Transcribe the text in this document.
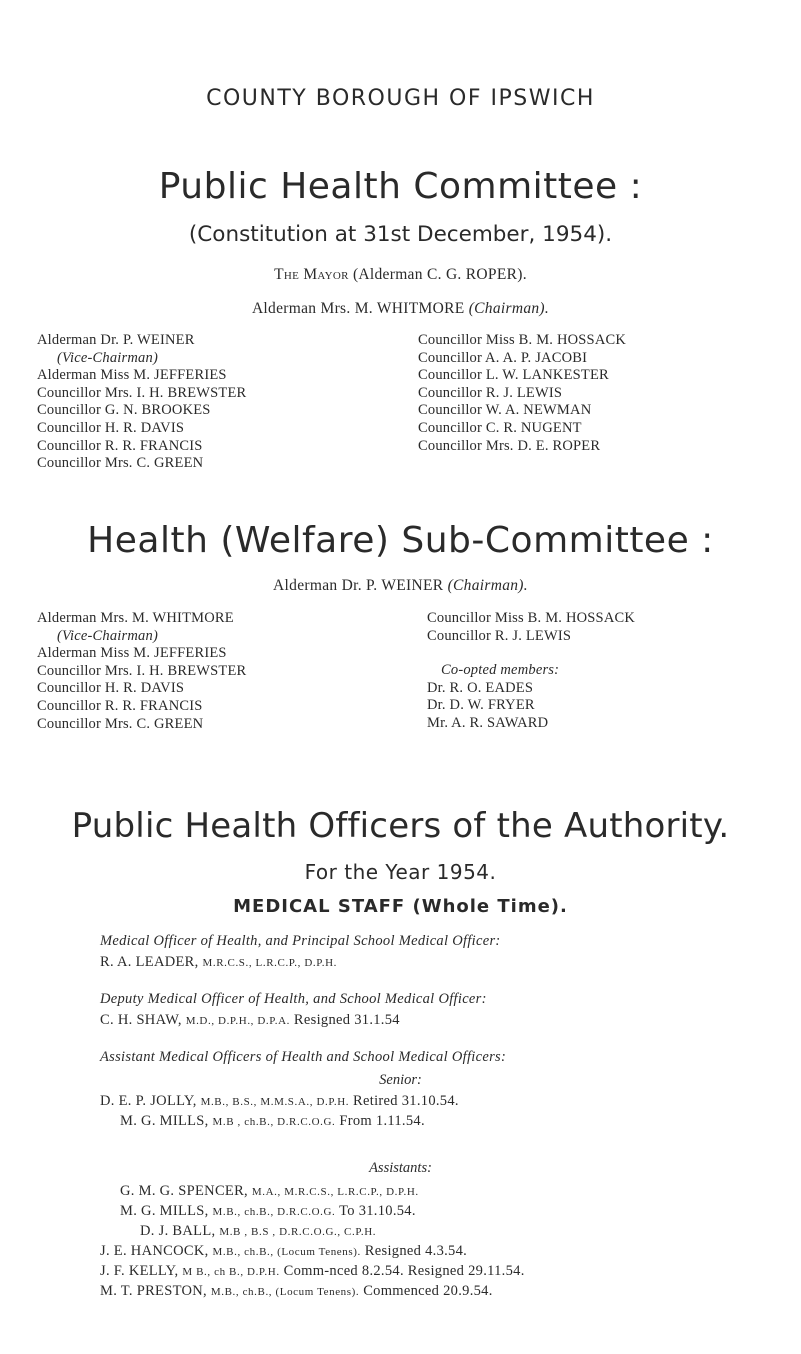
COUNTY BOROUGH OF IPSWICH
Public Health Committee :
(Constitution at 31st December, 1954).
The Mayor (Alderman C. G. ROPER).
Alderman Mrs. M. WHITMORE (Chairman).
Alderman Dr. P. WEINER
(Vice-Chairman)
Alderman Miss M. JEFFERIES
Councillor Mrs. I. H. BREWSTER
Councillor G. N. BROOKES
Councillor H. R. DAVIS
Councillor R. R. FRANCIS
Councillor Mrs. C. GREEN
Councillor Miss B. M. HOSSACK
Councillor A. A. P. JACOBI
Councillor L. W. LANKESTER
Councillor R. J. LEWIS
Councillor W. A. NEWMAN
Councillor C. R. NUGENT
Councillor Mrs. D. E. ROPER
Health (Welfare) Sub-Committee :
Alderman Dr. P. WEINER (Chairman).
Alderman Mrs. M. WHITMORE
(Vice-Chairman)
Alderman Miss M. JEFFERIES
Councillor Mrs. I. H. BREWSTER
Councillor H. R. DAVIS
Councillor R. R. FRANCIS
Councillor Mrs. C. GREEN
Councillor Miss B. M. HOSSACK
Councillor R. J. LEWIS
Co-opted members:
Dr. R. O. EADES
Dr. D. W. FRYER
Mr. A. R. SAWARD
Public Health Officers of the Authority.
For the Year 1954.
MEDICAL STAFF (Whole Time).
Medical Officer of Health, and Principal School Medical Officer:
R. A. LEADER, M.R.C.S., L.R.C.P., D.P.H.
Deputy Medical Officer of Health, and School Medical Officer:
C. H. SHAW, M.D., D.P.H., D.P.A. Resigned 31.1.54
Assistant Medical Officers of Health and School Medical Officers:
Senior:
D. E. P. JOLLY, M.B., B.S., M.M.S.A., D.P.H. Retired 31.10.54.
M. G. MILLS, M.B , ch.B., D.R.C.O.G. From 1.11.54.
Assistants:
G. M. G. SPENCER, M.A., M.R.C.S., L.R.C.P., D.P.H.
M. G. MILLS, M.B., ch.B., D.R.C.O.G. To 31.10.54.
D. J. BALL, M.B , B.S , D.R.C.O.G., C.P.H.
J. E. HANCOCK, M.B., ch.B., (Locum Tenens). Resigned 4.3.54.
J. F. KELLY, M B., ch B., D.P.H. Comm-nced 8.2.54. Resigned 29.11.54.
M. T. PRESTON, M.B., ch.B., (Locum Tenens). Commenced 20.9.54.
